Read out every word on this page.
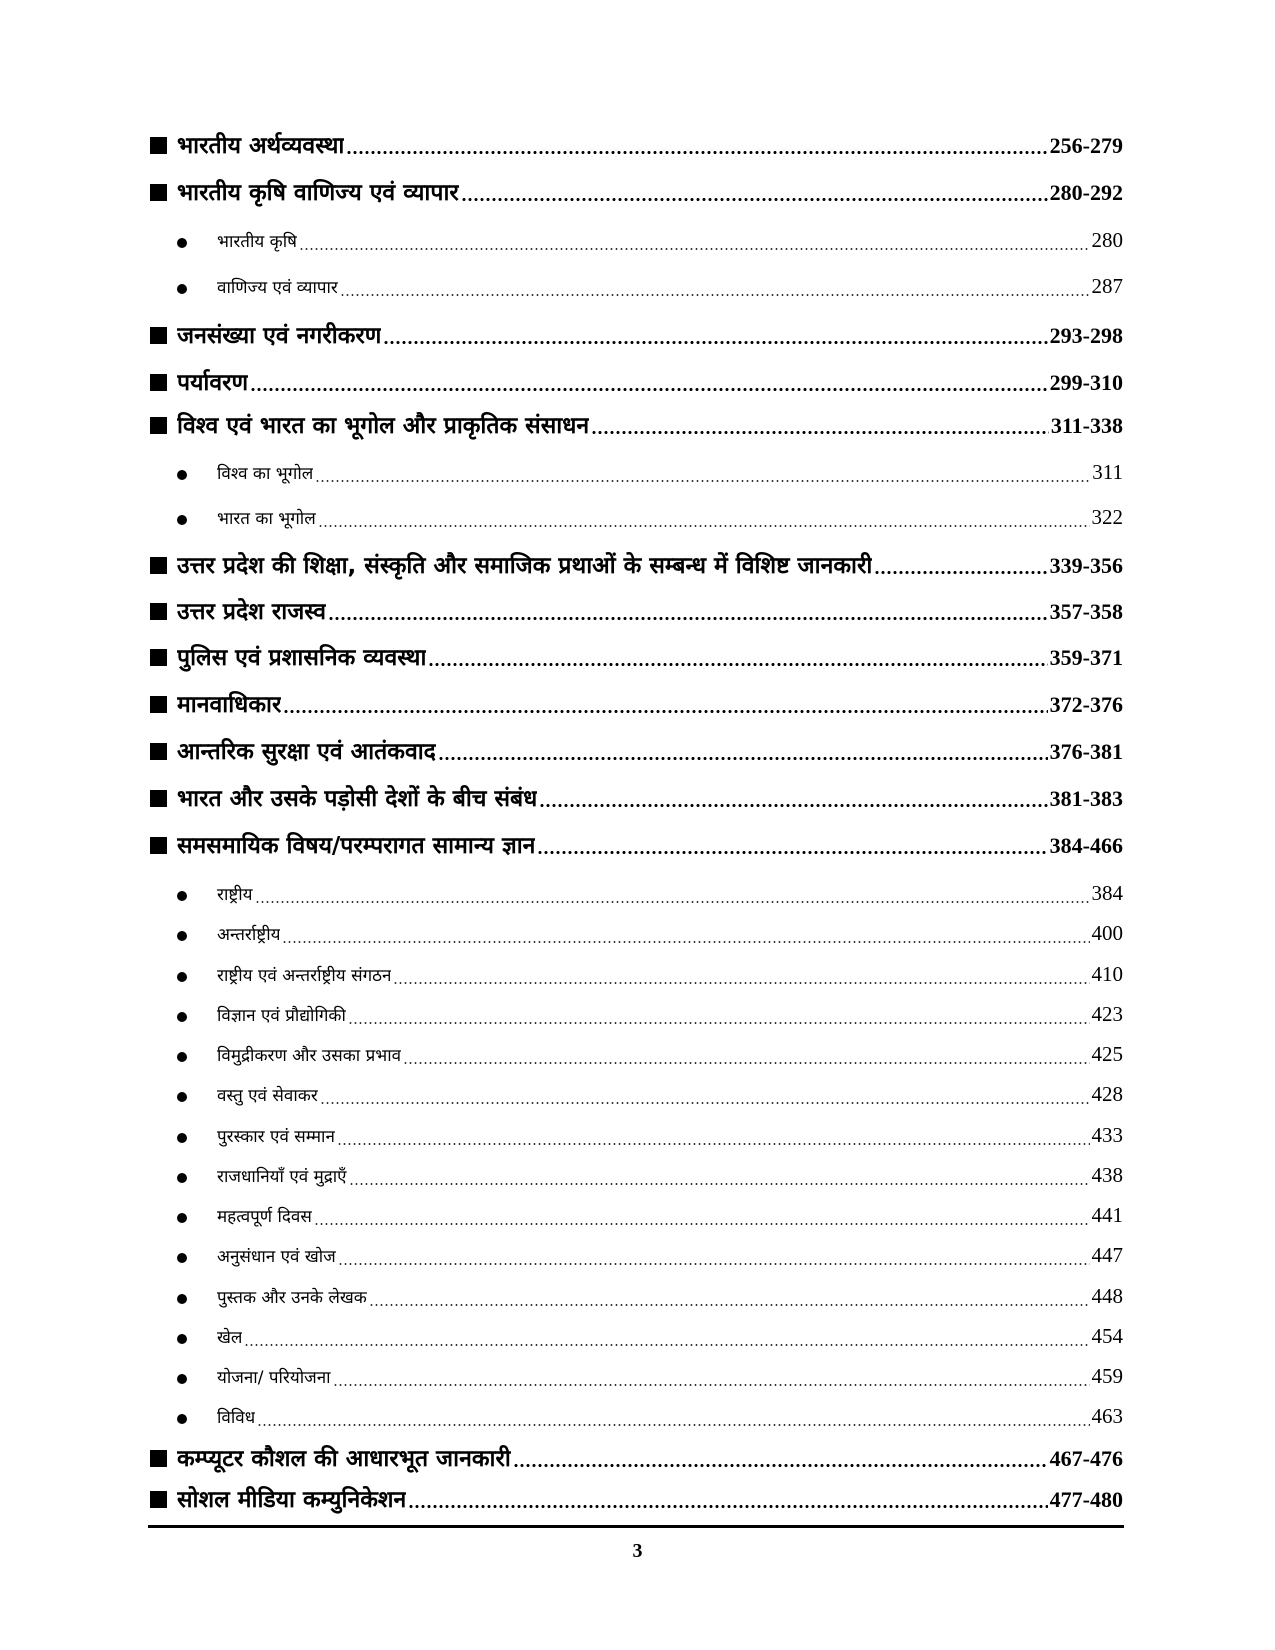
भारतीय अर्थव्यवस्था	256-279
भारतीय कृषि वाणिज्य एवं व्यापार	280-292
भारतीय कृषि	280
वाणिज्य एवं व्यापार	287
जनसंख्या एवं नगरीकरण	293-298
पर्यावरण	299-310
विश्व एवं भारत का भूगोल और प्राकृतिक संसाधन	311-338
विश्व का भूगोल	311
भारत का भूगोल	322
उत्तर प्रदेश की शिक्षा, संस्कृति और समाजिक प्रथाओं के सम्बन्ध में विशिष्ट जानकारी	339-356
उत्तर प्रदेश राजस्व	357-358
पुलिस एवं प्रशासनिक व्यवस्था	359-371
मानवाधिकार	372-376
आन्तरिक सुरक्षा एवं आतंकवाद	376-381
भारत और उसके पड़ोसी देशों के बीच संबंध	381-383
समसमायिक विषय/परम्परागत सामान्य ज्ञान	384-466
राष्ट्रीय	384
अन्तर्राष्ट्रीय	400
राष्ट्रीय एवं अन्तर्राष्ट्रीय संगठन	410
विज्ञान एवं प्रौद्योगिकी	423
विमुद्रीकरण और उसका प्रभाव	425
वस्तु एवं सेवाकर	428
पुरस्कार एवं सम्मान	433
राजधानियाँ एवं मुद्राएँ	438
महत्वपूर्ण दिवस	441
अनुसंधान एवं खोज	447
पुस्तक और उनके लेखक	448
खेल	454
योजना/ परियोजना	459
विविध	463
कम्प्यूटर कौशल की आधारभूत जानकारी	467-476
सोशल मीडिया कम्युनिकेशन	477-480
3
